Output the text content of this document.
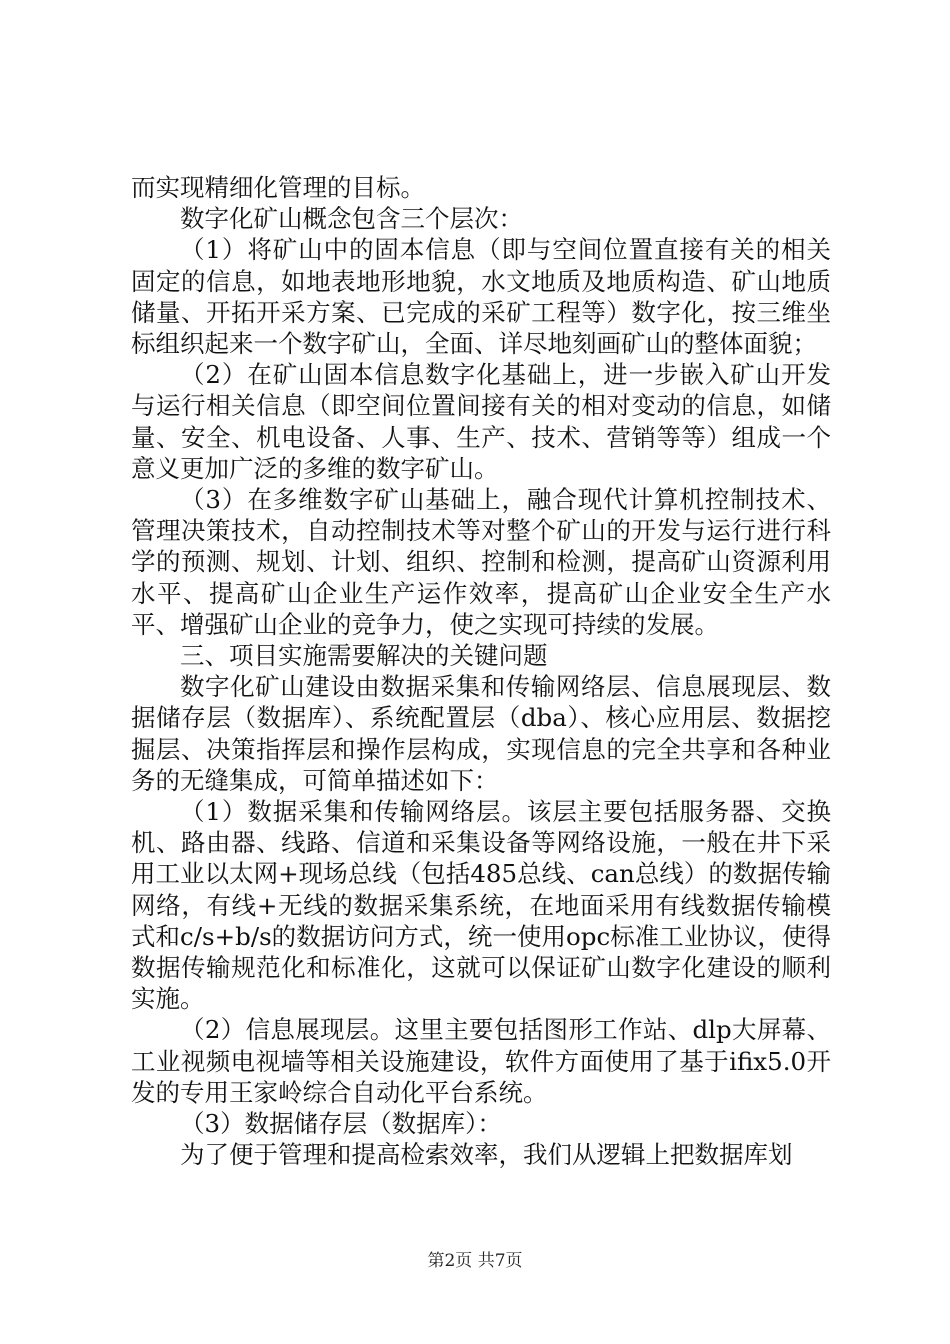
而实现精细化管理的目标。

数字化矿山概念包含三个层次：

（1）将矿山中的固本信息（即与空间位置直接有关的相关固定的信息，如地表地形地貌，水文地质及地质构造、矿山地质储量、开拓开采方案、已完成的采矿工程等）数字化，按三维坐标组织起来一个数字矿山，全面、详尽地刻画矿山的整体面貌；

（2）在矿山固本信息数字化基础上，进一步嵌入矿山开发与运行相关信息（即空间位置间接有关的相对变动的信息，如储量、安全、机电设备、人事、生产、技术、营销等等）组成一个意义更加广泛的多维的数字矿山。

（3）在多维数字矿山基础上，融合现代计算机控制技术、管理决策技术，自动控制技术等对整个矿山的开发与运行进行科学的预测、规划、计划、组织、控制和检测，提高矿山资源利用水平、提高矿山企业生产运作效率，提高矿山企业安全生产水平、增强矿山企业的竞争力，使之实现可持续的发展。

三、项目实施需要解决的关键问题

数字化矿山建设由数据采集和传输网络层、信息展现层、数据储存层（数据库）、系统配置层（dba）、核心应用层、数据挖掘层、决策指挥层和操作层构成，实现信息的完全共享和各种业务的无缝集成，可简单描述如下：

（1）数据采集和传输网络层。该层主要包括服务器、交换机、路由器、线路、信道和采集设备等网络设施，一般在井下采用工业以太网+现场总线（包括485总线、can总线）的数据传输网络，有线+无线的数据采集系统，在地面采用有线数据传输模式和c/s+b/s的数据访问方式，统一使用opc标准工业协议，使得数据传输规范化和标准化，这就可以保证矿山数字化建设的顺利实施。

（2）信息展现层。这里主要包括图形工作站、dlp大屏幕、工业视频电视墙等相关设施建设，软件方面使用了基于ifix5.0开发的专用王家岭综合自动化平台系统。

（3）数据储存层（数据库）：

为了便于管理和提高检索效率，我们从逻辑上把数据库划

第2页 共7页
